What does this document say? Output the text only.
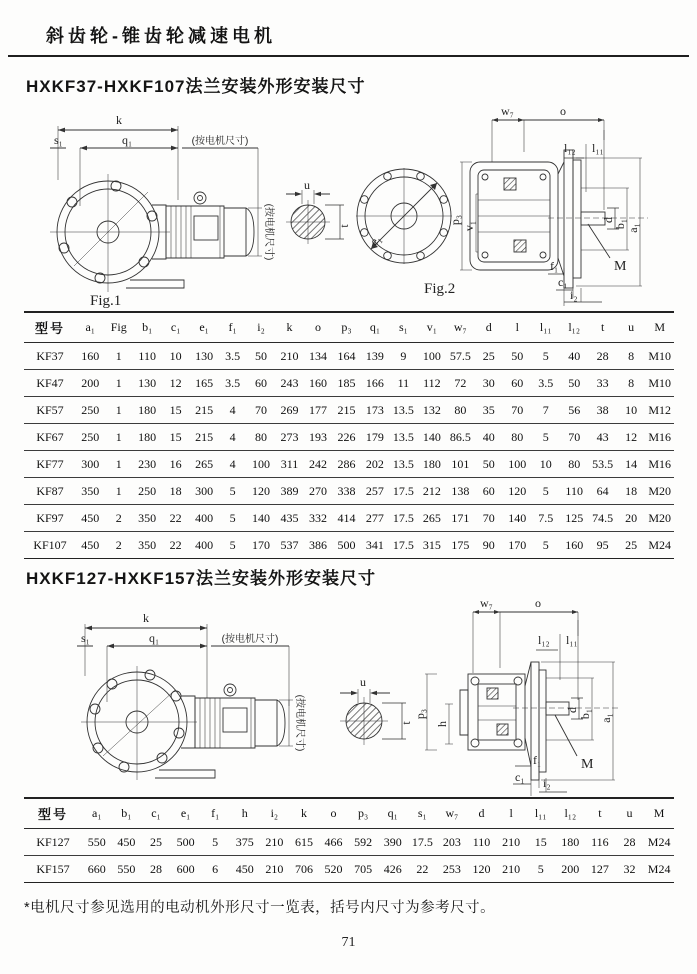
斜齿轮-锥齿轮减速电机
HXKF37-HXKF107法兰安装外形安装尺寸
k
s₁	q₁	(按电机尺寸)
(按电机尺寸)
Fig.1
u
t
e₁
Fig.2
w₇	o
l₁₂ l₁₁
p₃
v₁
d
b₁ a₁
f₁
c₁
i₂
M
型号	a₁	Fig	b₁	c₁	e₁	f₁	i₂	k	o	p₃	q₁	s₁	v₁	w₇	d	l	l₁₁	l₁₂	t	u	M
KF37	160	1	110	10	130	3.5	50	210	134	164	139	9	100	57.5	25	50	5	40	28	8	M10
KF47	200	1	130	12	165	3.5	60	243	160	185	166	11	112	72	30	60	3.5	50	33	8	M10
KF57	250	1	180	15	215	4	70	269	177	215	173	13.5	132	80	35	70	7	56	38	10	M12
KF67	250	1	180	15	215	4	80	273	193	226	179	13.5	140	86.5	40	80	5	70	43	12	M16
KF77	300	1	230	16	265	4	100	311	242	286	202	13.5	180	101	50	100	10	80	53.5	14	M16
KF87	350	1	250	18	300	5	120	389	270	338	257	17.5	212	138	60	120	5	110	64	18	M20
KF97	450	2	350	22	400	5	140	435	332	414	277	17.5	265	171	70	140	7.5	125	74.5	20	M20
KF107	450	2	350	22	400	5	170	537	386	500	341	17.5	315	175	90	170	5	160	95	25	M24
HXKF127-HXKF157法兰安装外形安装尺寸
k
s₁	q₁	(按电机尺寸)
(按电机尺寸)
u
t
w₇	o
l₁₂ l₁₁
p₃
h
d b₁ a₁
f₁
c₁ i₂
M
型号	a₁	b₁	c₁	e₁	f₁	h	i₂	k	o	p₃	q₁	s₁	w₇	d	l	l₁₁	l₁₂	t	u	M
KF127	550	450	25	500	5	375	210	615	466	592	390	17.5	203	110	210	15	180	116	28	M24
KF157	660	550	28	600	6	450	210	706	520	705	426	22	253	120	210	5	200	127	32	M24
*电机尺寸参见选用的电动机外形尺寸一览表，括号内尺寸为参考尺寸。
71
